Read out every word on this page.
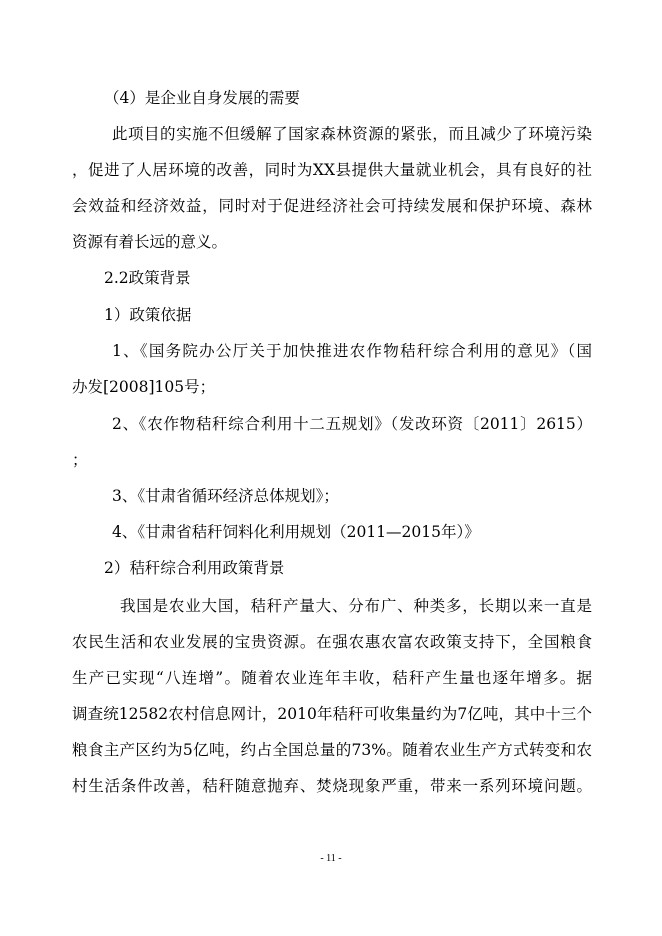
（4）是企业自身发展的需要
此项目的实施不但缓解了国家森林资源的紧张，而且减少了环境污染
，促进了人居环境的改善，同时为XX县提供大量就业机会，具有良好的社
会效益和经济效益，同时对于促进经济社会可持续发展和保护环境、森林
资源有着长远的意义。
2.2政策背景
1）政策依据
1、《国务院办公厅关于加快推进农作物秸秆综合利用的意见》（国
办发[2008]105号；
2、《农作物秸秆综合利用十二五规划》（发改环资〔2011〕2615）
；
3、《甘肃省循环经济总体规划》；
4、《甘肃省秸秆饲料化利用规划（2011—2015年）》
2）秸秆综合利用政策背景
我国是农业大国，秸秆产量大、分布广、种类多，长期以来一直是
农民生活和农业发展的宝贵资源。在强农惠农富农政策支持下，全国粮食
生产已实现“八连增”。随着农业连年丰收，秸秆产生量也逐年增多。据
调查统12582农村信息网计，2010年秸秆可收集量约为7亿吨，其中十三个
粮食主产区约为5亿吨，约占全国总量的73%。随着农业生产方式转变和农
村生活条件改善，秸秆随意抛弃、焚烧现象严重，带来一系列环境问题。
- 11 -
